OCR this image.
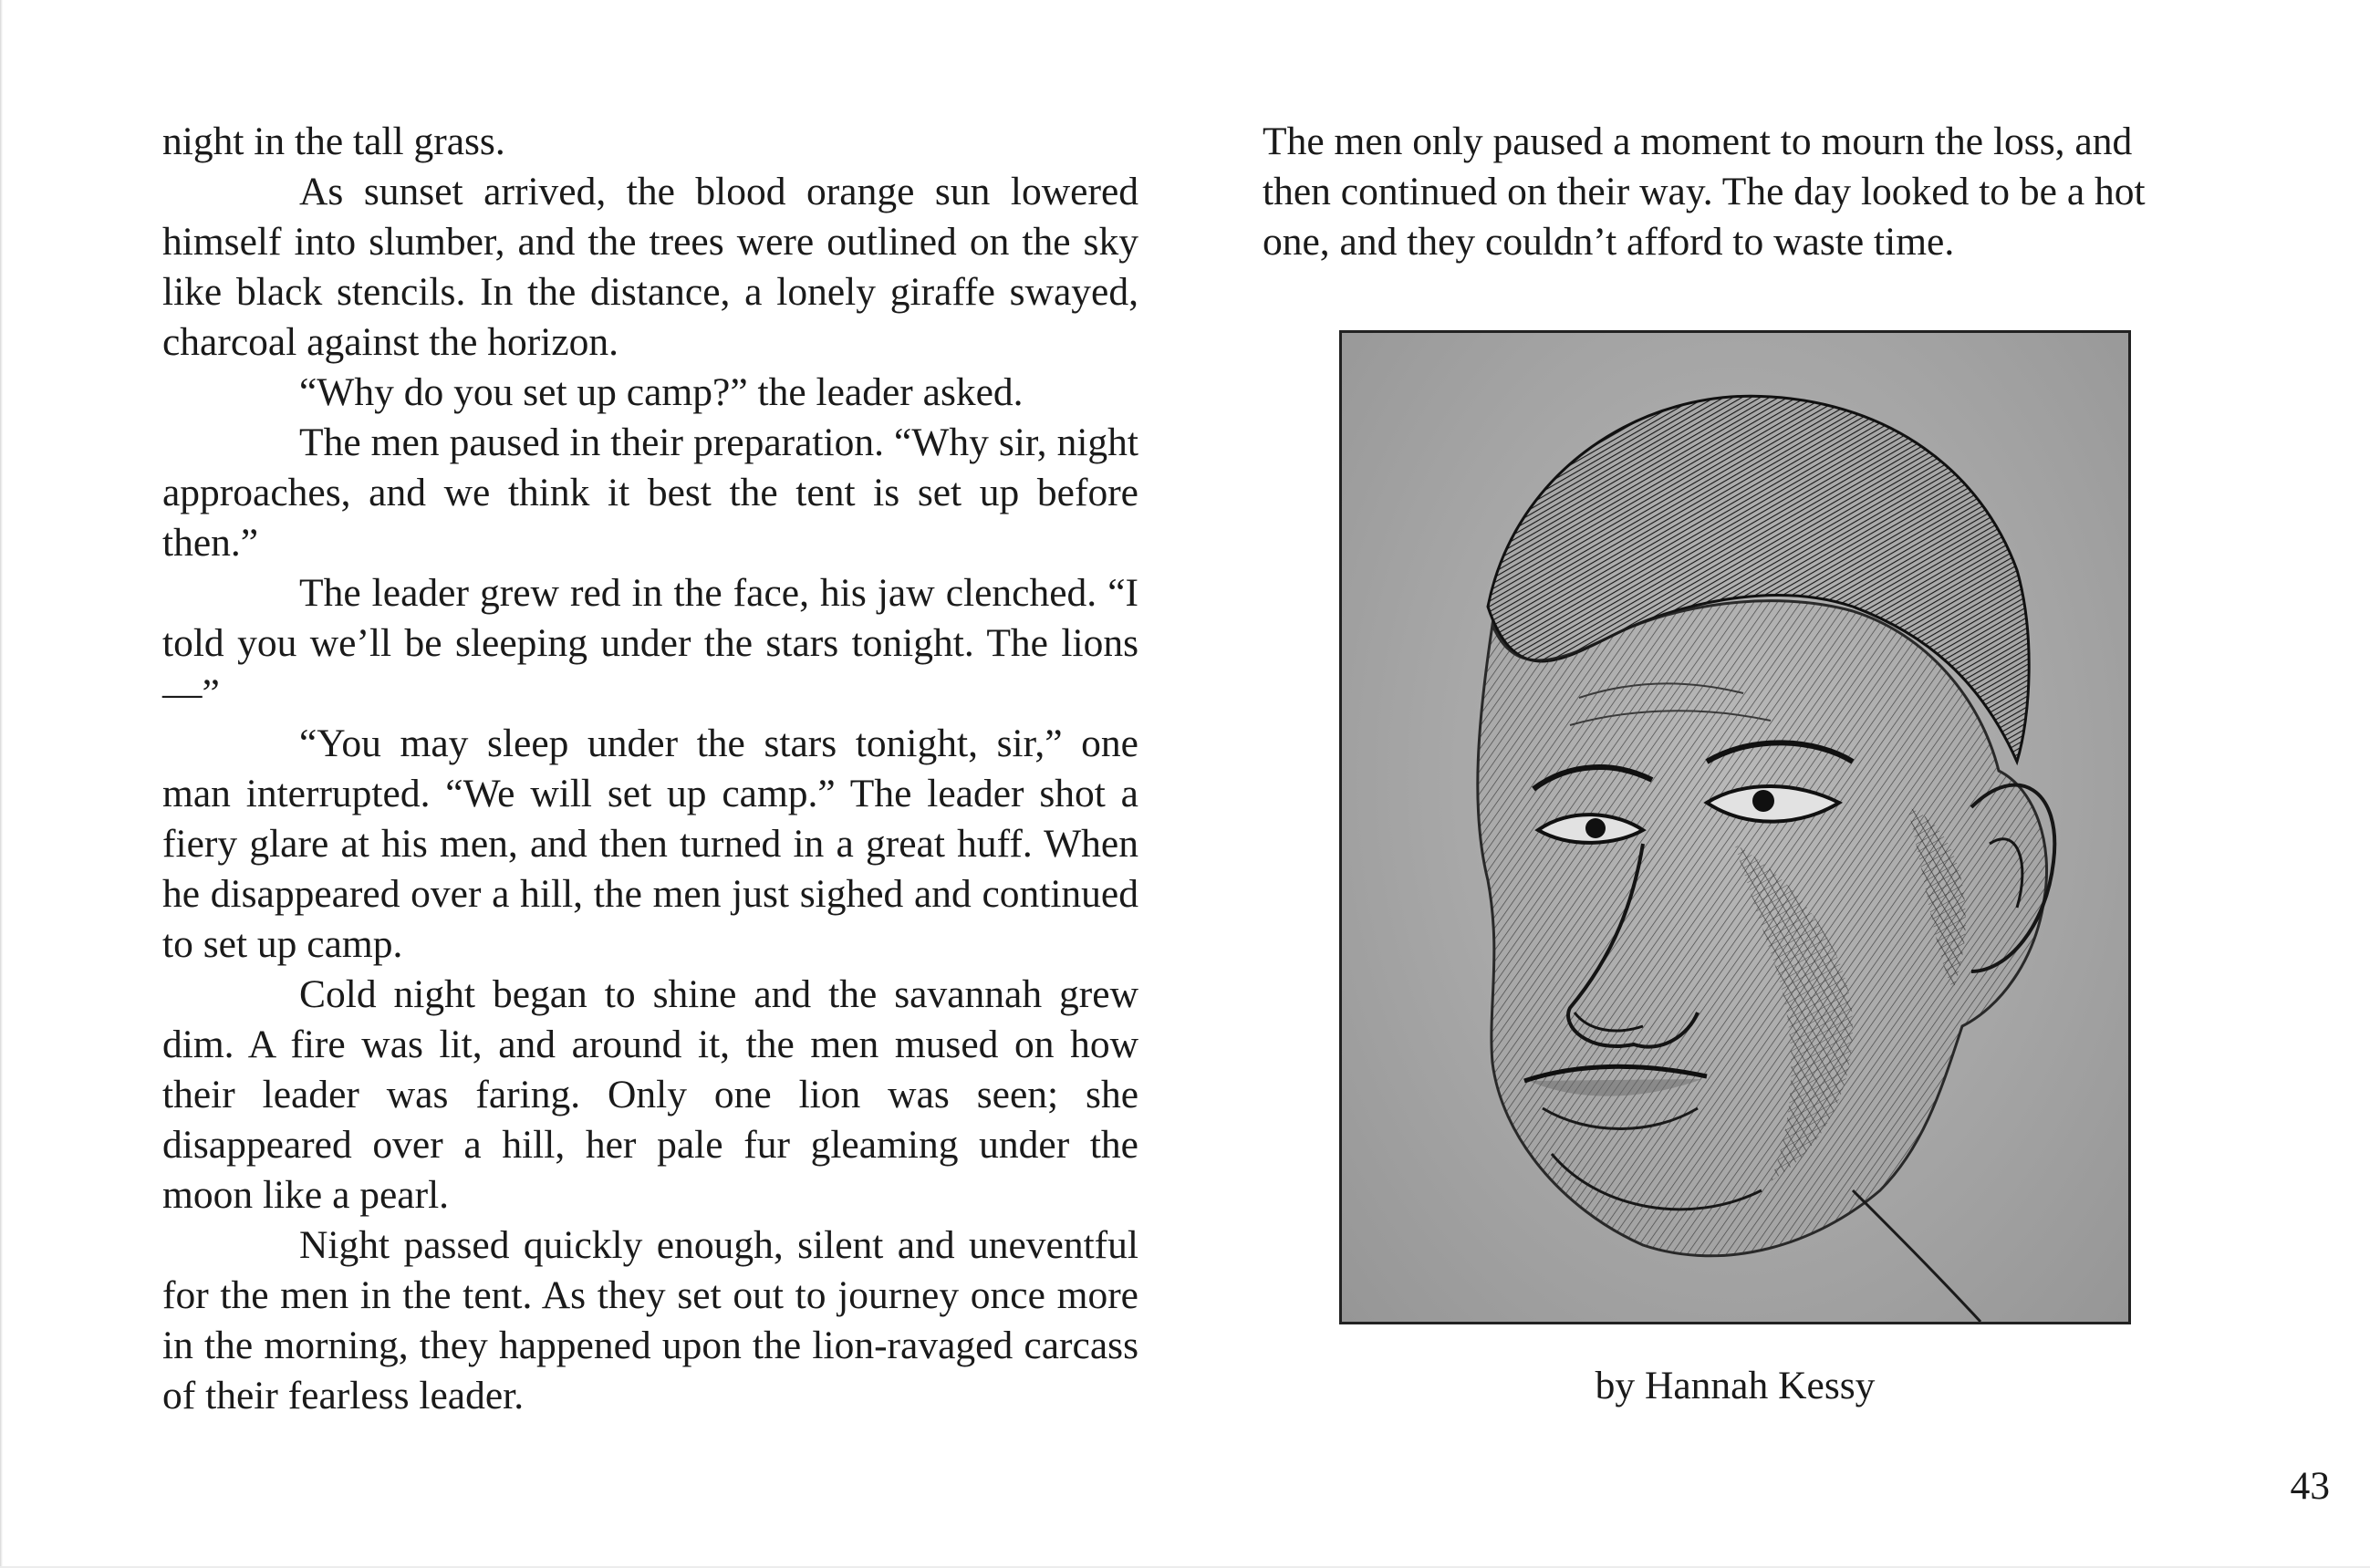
night in the tall grass.

As sunset arrived, the blood orange sun lowered himself into slumber, and the trees were outlined on the sky like black stencils. In the distance, a lonely giraffe swayed, charcoal against the horizon.

“Why do you set up camp?” the leader asked.

The men paused in their preparation. “Why sir, night approaches, and we think it best the tent is set up before then.”

The leader grew red in the face, his jaw clenched. “I told you we’ll be sleeping under the stars tonight. The lions—”

“You may sleep under the stars tonight, sir,” one man interrupted. “We will set up camp.” The leader shot a fiery glare at his men, and then turned in a great huff. When he disappeared over a hill, the men just sighed and continued to set up camp.

Cold night began to shine and the savannah grew dim. A fire was lit, and around it, the men mused on how their leader was faring. Only one lion was seen; she disappeared over a hill, her pale fur gleaming under the moon like a pearl.

Night passed quickly enough, silent and uneventful for the men in the tent. As they set out to journey once more in the morning, they happened upon the lion-ravaged carcass of their fearless leader.

The men only paused a moment to mourn the loss, and then continued on their way. The day looked to be a hot one, and they couldn’t afford to waste time.

by Hannah Kessy
43
